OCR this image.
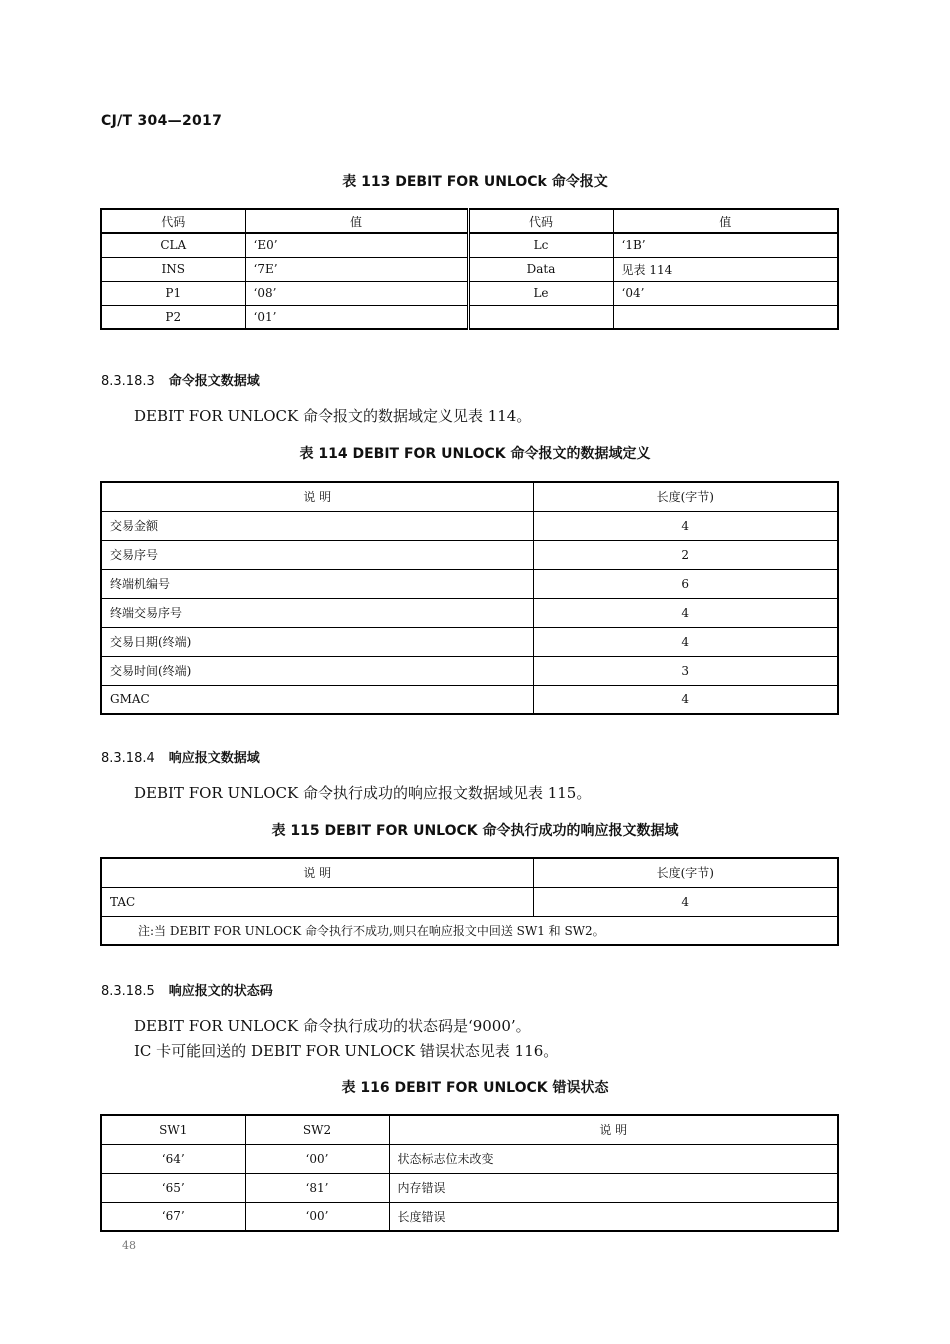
CJ/T 304—2017
表 113 DEBIT FOR UNLOCk 命令报文
代码	值	代码	值
CLA	‘E0’	Lc	‘1B’
INS	‘7E’	Data	见表 114
P1	‘08’	Le	‘04’
P2	‘01’		
8.3.18.3 命令报文数据域
DEBIT FOR UNLOCK 命令报文的数据域定义见表 114。
表 114 DEBIT FOR UNLOCK 命令报文的数据域定义
说 明	长度(字节)
交易金额	4
交易序号	2
终端机编号	6
终端交易序号	4
交易日期(终端)	4
交易时间(终端)	3
GMAC	4
8.3.18.4 响应报文数据域
DEBIT FOR UNLOCK 命令执行成功的响应报文数据域见表 115。
表 115 DEBIT FOR UNLOCK 命令执行成功的响应报文数据域
说 明	长度(字节)
TAC	4
注:当 DEBIT FOR UNLOCK 命令执行不成功,则只在响应报文中回送 SW1 和 SW2。	
8.3.18.5 响应报文的状态码
DEBIT FOR UNLOCK 命令执行成功的状态码是‘9000’。
IC 卡可能回送的 DEBIT FOR UNLOCK 错误状态见表 116。
表 116 DEBIT FOR UNLOCK 错误状态
SW1	SW2	说 明
‘64’	‘00’	状态标志位未改变
‘65’	‘81’	内存错误
‘67’	‘00’	长度错误
48
